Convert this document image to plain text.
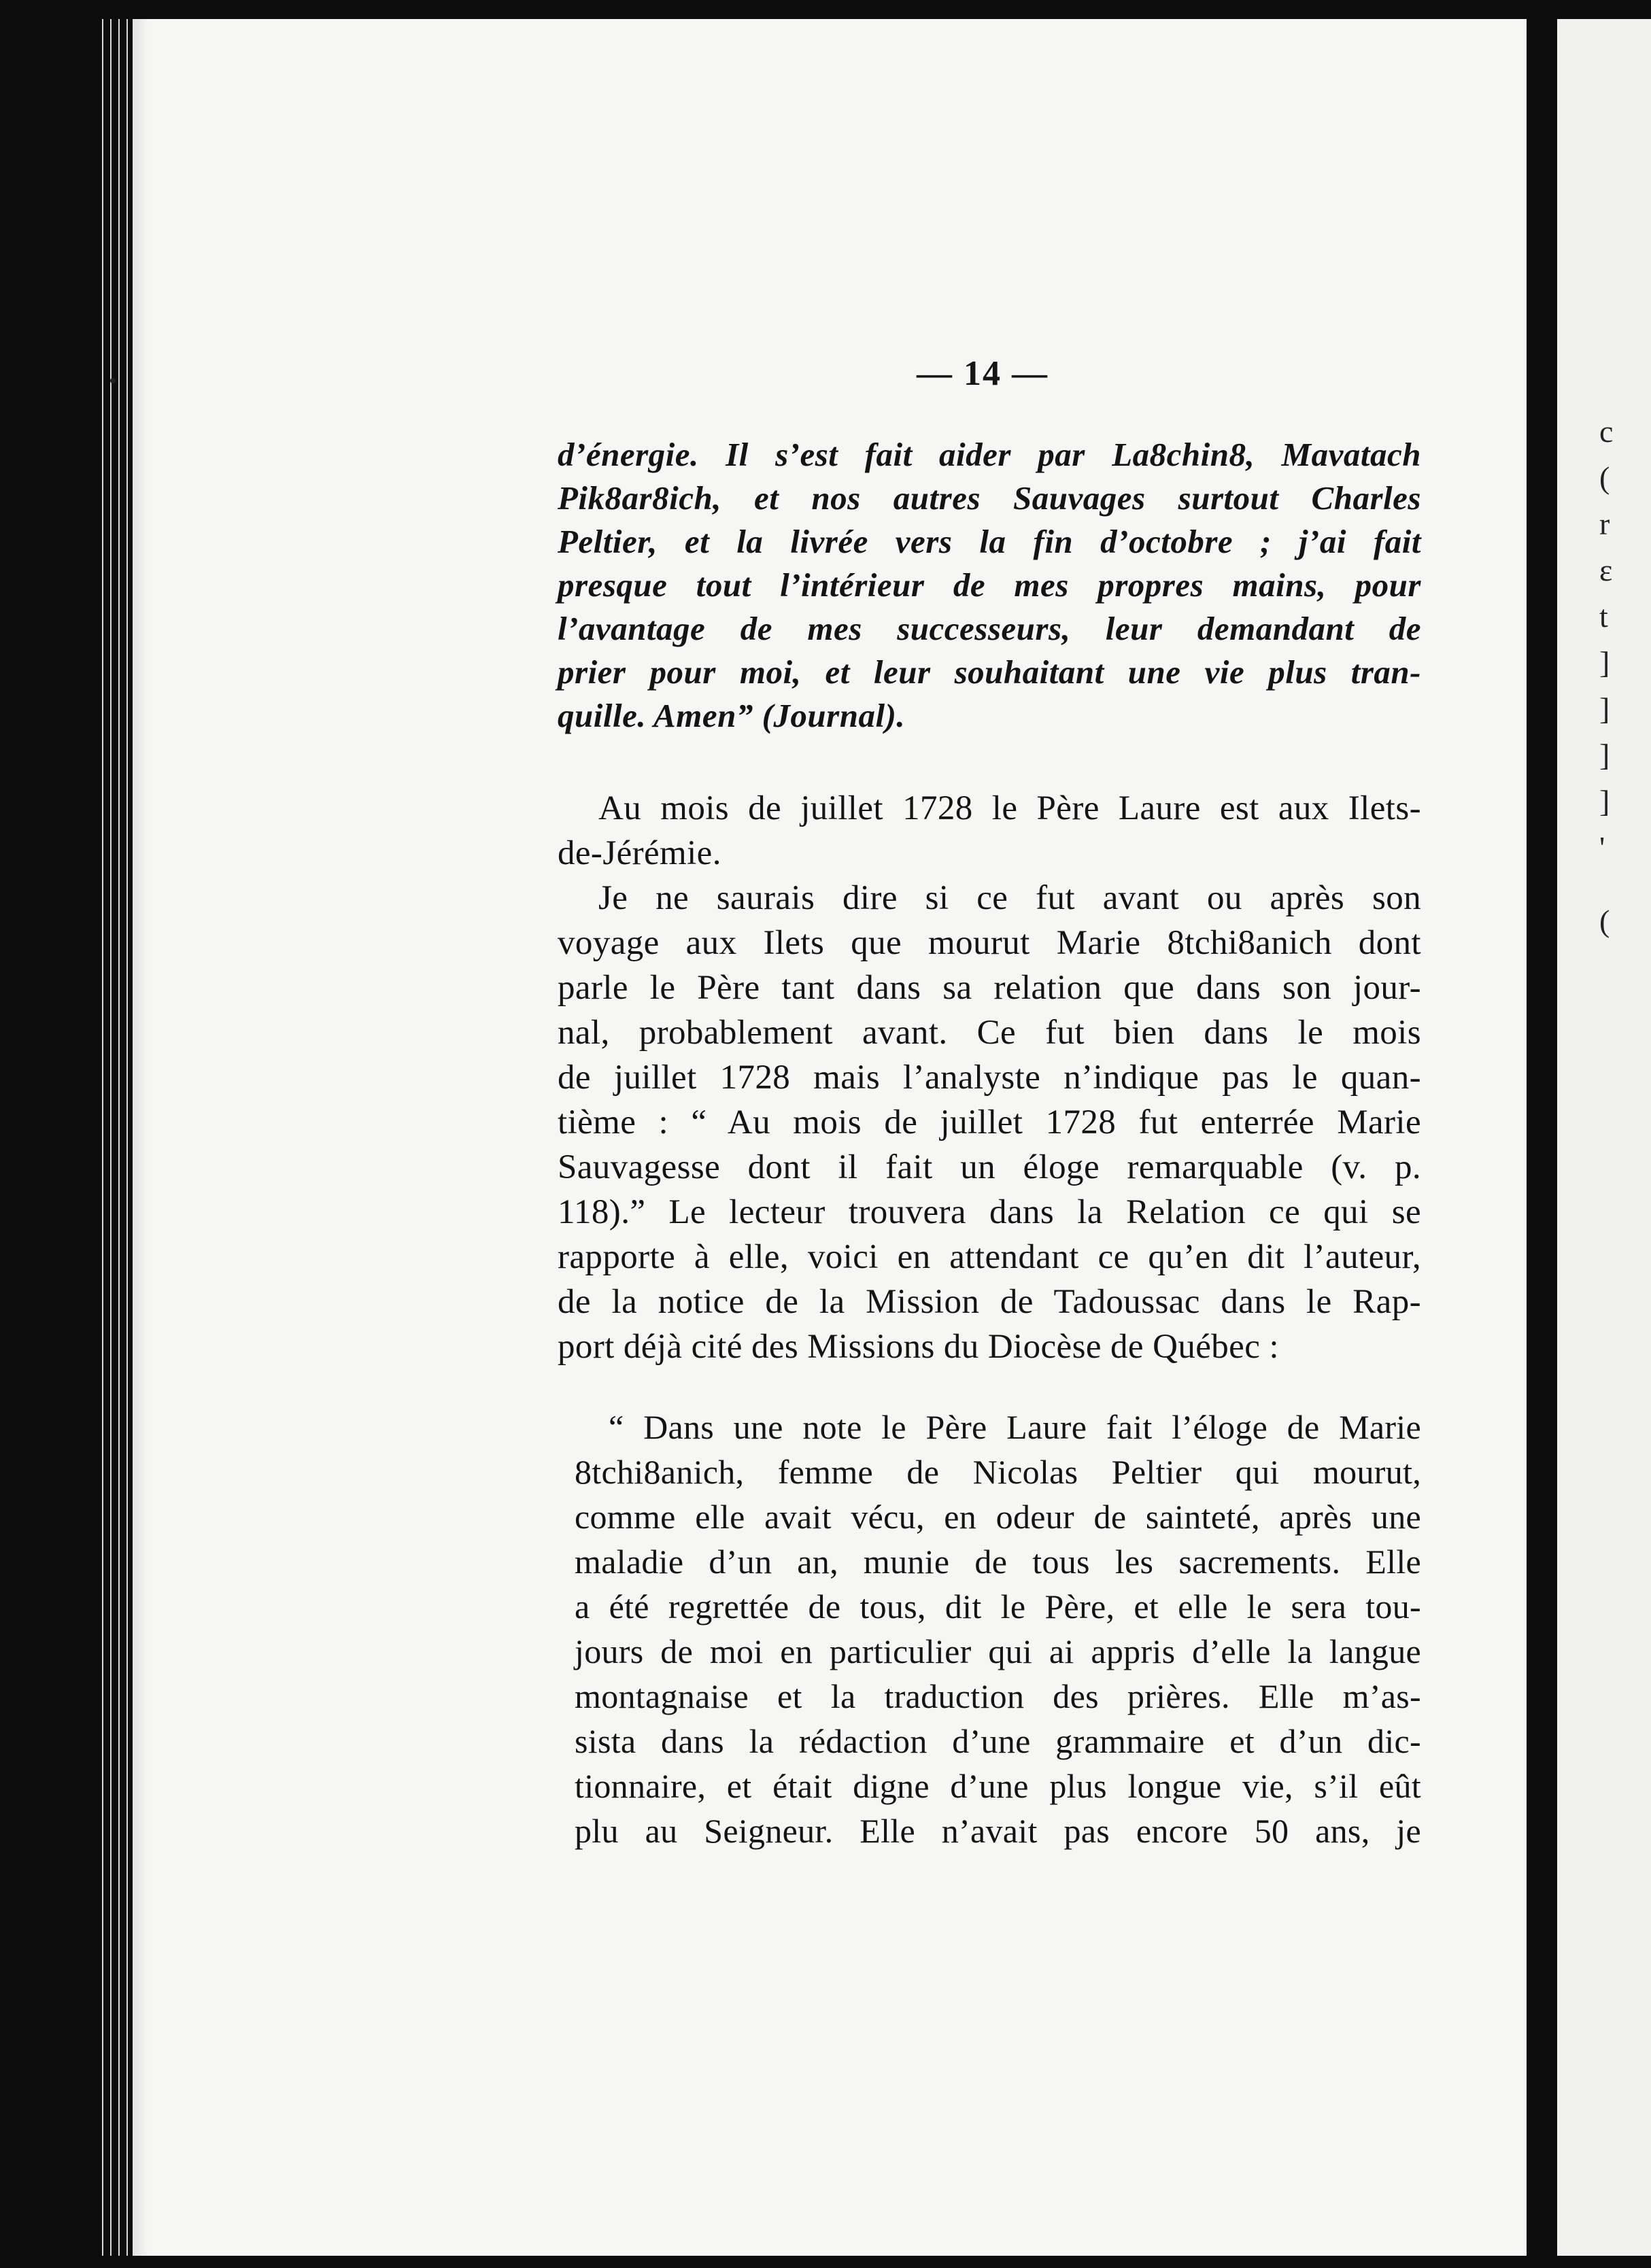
c
(
r
ε
t
]
]
]
]
'
(
— 14 —
d’énergie. Il s’est fait aider par La8chin8, Mavatach
Pik8ar8ich, et nos autres Sauvages surtout Charles
Peltier, et la livrée vers la fin d’octobre ; j’ai fait
presque tout l’intérieur de mes propres mains, pour
l’avantage de mes successeurs, leur demandant de
prier pour moi, et leur souhaitant une vie plus tran-
quille. Amen” (Journal).
Au mois de juillet 1728 le Père Laure est aux Ilets-
de-Jérémie.
Je ne saurais dire si ce fut avant ou après son
voyage aux Ilets que mourut Marie 8tchi8anich dont
parle le Père tant dans sa relation que dans son jour-
nal, probablement avant. Ce fut bien dans le mois
de juillet 1728 mais l’analyste n’indique pas le quan-
tième : “ Au mois de juillet 1728 fut enterrée Marie
Sauvagesse dont il fait un éloge remarquable (v. p.
118).” Le lecteur trouvera dans la Relation ce qui se
rapporte à elle, voici en attendant ce qu’en dit l’auteur,
de la notice de la Mission de Tadoussac dans le Rap-
port déjà cité des Missions du Diocèse de Québec :
“ Dans une note le Père Laure fait l’éloge de Marie
8tchi8anich, femme de Nicolas Peltier qui mourut,
comme elle avait vécu, en odeur de sainteté, après une
maladie d’un an, munie de tous les sacrements. Elle
a été regrettée de tous, dit le Père, et elle le sera tou-
jours de moi en particulier qui ai appris d’elle la langue
montagnaise et la traduction des prières. Elle m’as-
sista dans la rédaction d’une grammaire et d’un dic-
tionnaire, et était digne d’une plus longue vie, s’il eût
plu au Seigneur. Elle n’avait pas encore 50 ans, je
